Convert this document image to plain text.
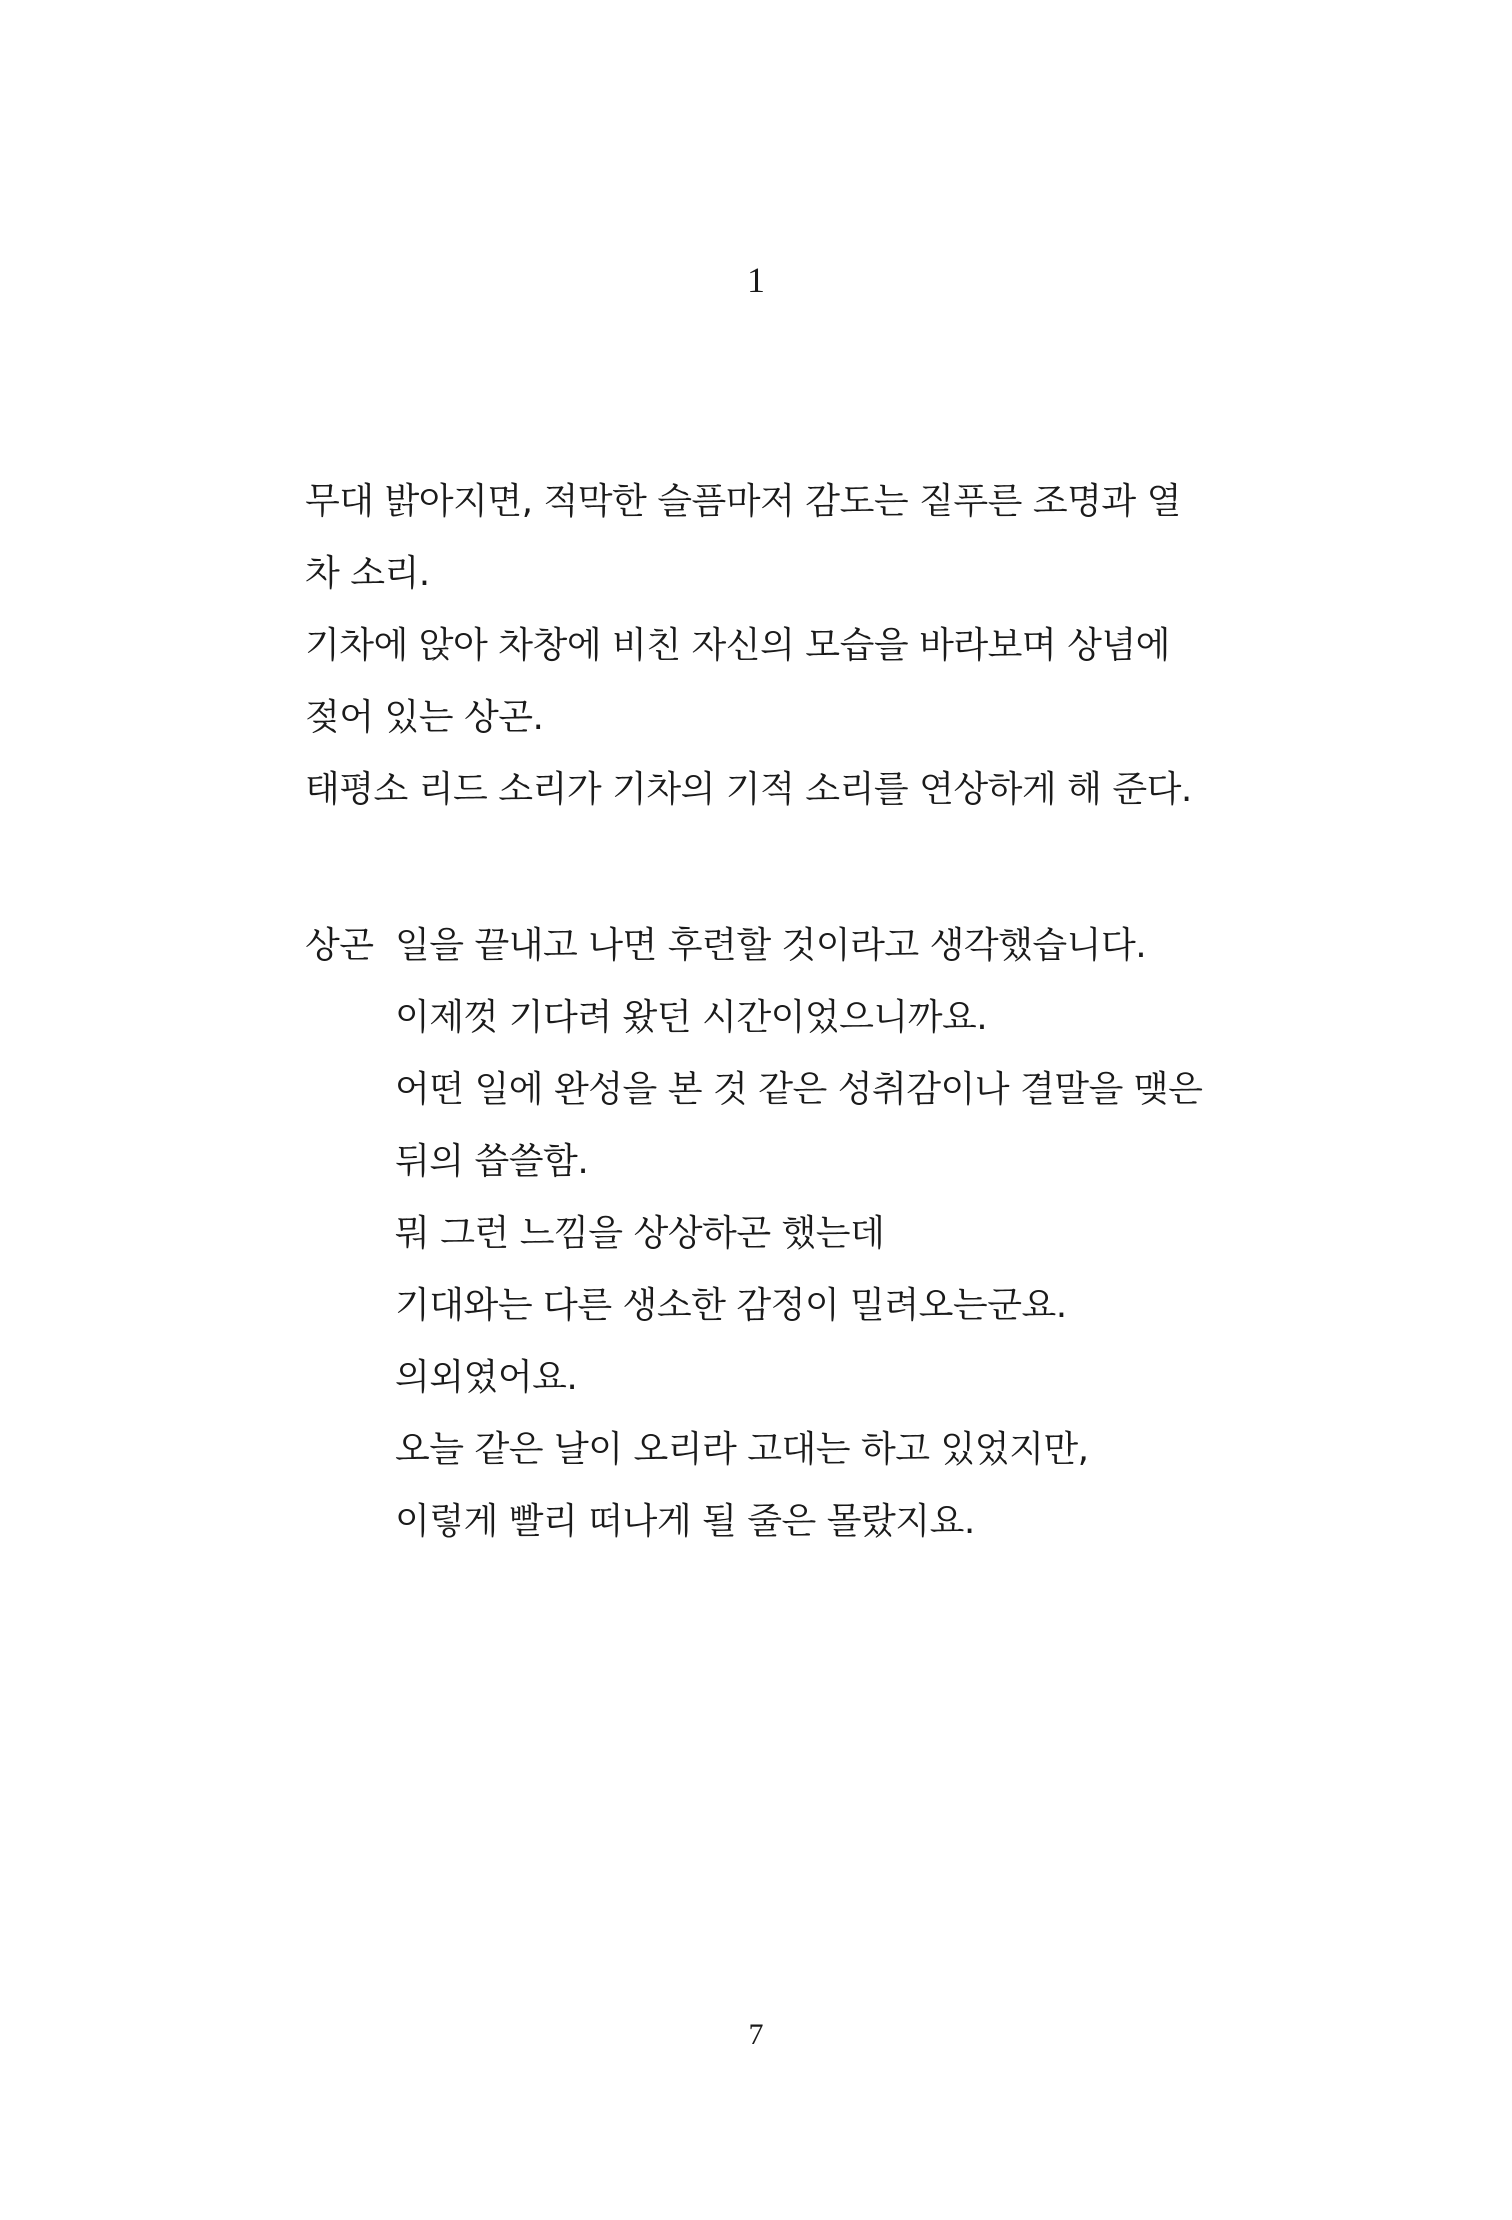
1

무대 밝아지면, 적막한 슬픔마저 감도는 짙푸른 조명과 열

차 소리.

기차에 앉아 차창에 비친 자신의 모습을 바라보며 상념에

젖어 있는 상곤.

태평소 리드 소리가 기차의 기적 소리를 연상하게 해 준다.

상곤 일을 끝내고 나면 후련할 것이라고 생각했습니다.
이제껏 기다려 왔던 시간이었으니까요.
어떤 일에 완성을 본 것 같은 성취감이나 결말을 맺은
뒤의 씁쓸함.
뭐 그런 느낌을 상상하곤 했는데
기대와는 다른 생소한 감정이 밀려오는군요.
의외였어요.
오늘 같은 날이 오리라 고대는 하고 있었지만,
이렇게 빨리 떠나게 될 줄은 몰랐지요.
7
